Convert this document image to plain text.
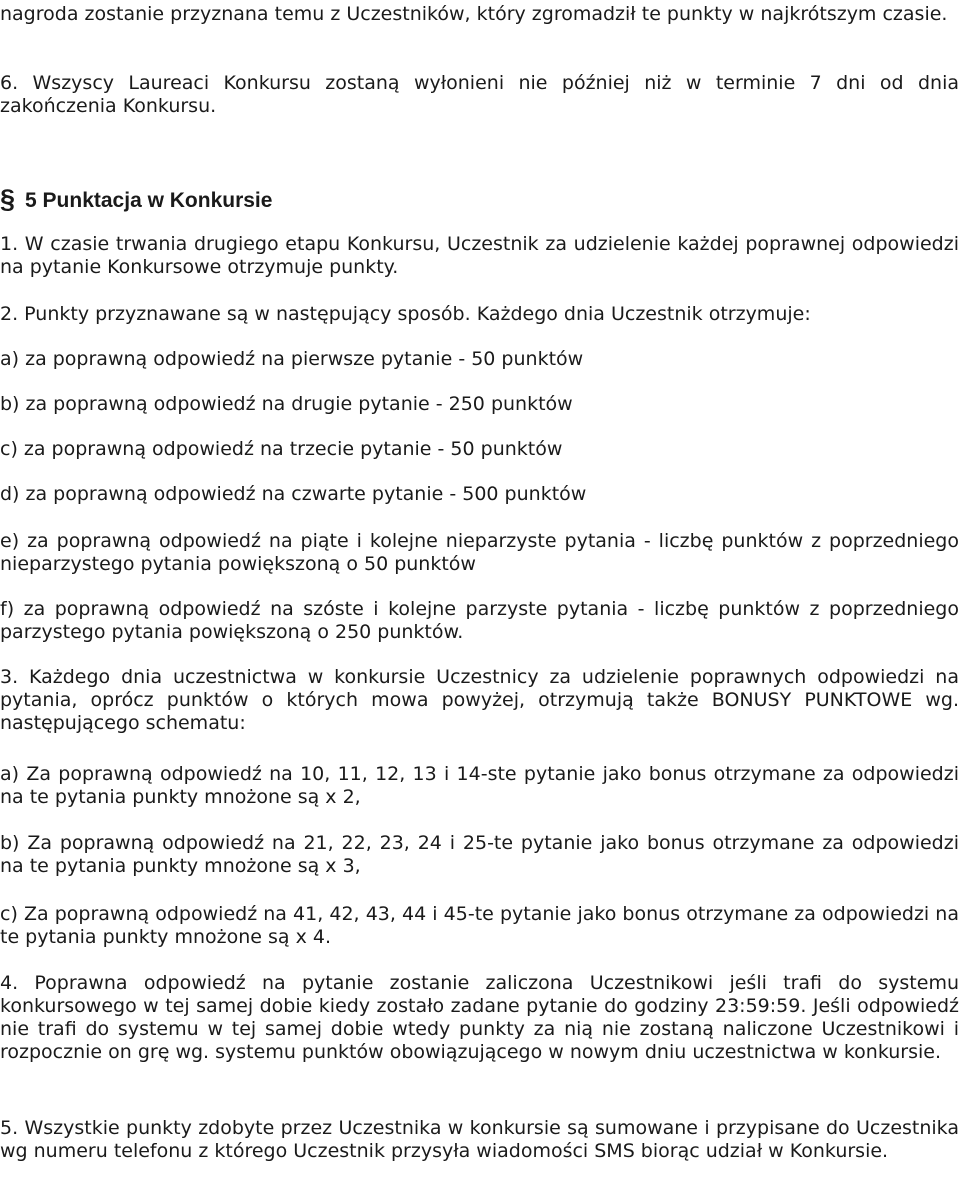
nagroda zostanie przyznana temu z Uczestników, który zgromadził te punkty w najkrótszym czasie.

6. Wszyscy Laureaci Konkursu zostaną wyłonieni nie później niż w terminie 7 dni od dnia zakończenia Konkursu.

§ 5 Punktacja w Konkursie

1. W czasie trwania drugiego etapu Konkursu, Uczestnik za udzielenie każdej poprawnej odpowiedzi na pytanie Konkursowe otrzymuje punkty.

2. Punkty przyznawane są w następujący sposób. Każdego dnia Uczestnik otrzymuje:

a) za poprawną odpowiedź na pierwsze pytanie - 50 punktów

b) za poprawną odpowiedź na drugie pytanie - 250 punktów

c) za poprawną odpowiedź na trzecie pytanie - 50 punktów

d) za poprawną odpowiedź na czwarte pytanie - 500 punktów

e) za poprawną odpowiedź na piąte i kolejne nieparzyste pytania - liczbę punktów z poprzedniego nieparzystego pytania powiększoną o 50 punktów

f) za poprawną odpowiedź na szóste i kolejne parzyste pytania - liczbę punktów z poprzedniego parzystego pytania powiększoną o 250 punktów.

3. Każdego dnia uczestnictwa w konkursie Uczestnicy za udzielenie poprawnych odpowiedzi na pytania, oprócz punktów o których mowa powyżej, otrzymują także BONUSY PUNKTOWE wg. następującego schematu:

a) Za poprawną odpowiedź na 10, 11, 12, 13 i 14-ste pytanie jako bonus otrzymane za odpowiedzi na te pytania punkty mnożone są x 2,

b) Za poprawną odpowiedź na 21, 22, 23, 24 i 25-te pytanie jako bonus otrzymane za odpowiedzi na te pytania punkty mnożone są x 3,

c) Za poprawną odpowiedź na 41, 42, 43, 44 i 45-te pytanie jako bonus otrzymane za odpowiedzi na te pytania punkty mnożone są x 4.

4. Poprawna odpowiedź na pytanie zostanie zaliczona Uczestnikowi jeśli trafi do systemu konkursowego w tej samej dobie kiedy zostało zadane pytanie do godziny 23:59:59. Jeśli odpowiedź nie trafi do systemu w tej samej dobie wtedy punkty za nią nie zostaną naliczone Uczestnikowi i rozpocznie on grę wg. systemu punktów obowiązującego w nowym dniu uczestnictwa w konkursie.

5. Wszystkie punkty zdobyte przez Uczestnika w konkursie są sumowane i przypisane do Uczestnika wg numeru telefonu z którego Uczestnik przysyła wiadomości SMS biorąc udział w Konkursie.
